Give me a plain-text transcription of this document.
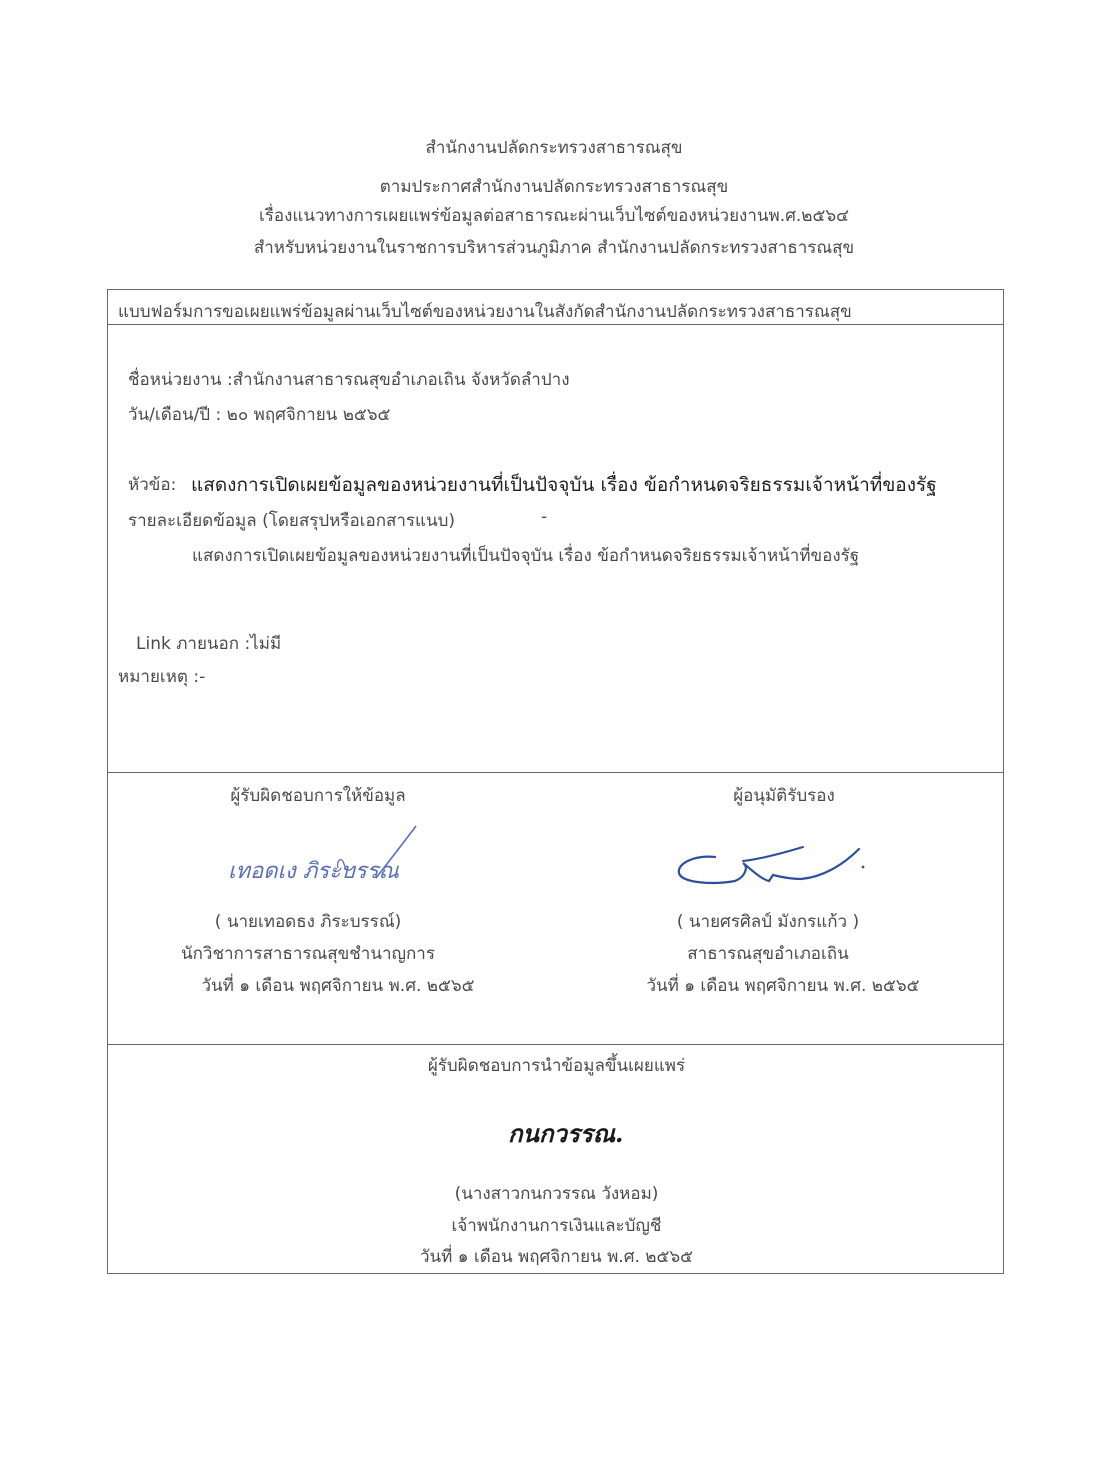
สำนักงานปลัดกระทรวงสาธารณสุข
ตามประกาศสำนักงานปลัดกระทรวงสาธารณสุข
เรื่องแนวทางการเผยแพร่ข้อมูลต่อสาธารณะผ่านเว็บไซต์ของหน่วยงานพ.ศ.๒๕๖๔
สำหรับหน่วยงานในราชการบริหารส่วนภูมิภาค สำนักงานปลัดกระทรวงสาธารณสุข
แบบฟอร์มการขอเผยแพร่ข้อมูลผ่านเว็บไซต์ของหน่วยงานในสังกัดสำนักงานปลัดกระทรวงสาธารณสุข
ชื่อหน่วยงาน :สำนักงานสาธารณสุขอำเภอเถิน จังหวัดลำปาง
วัน/เดือน/ปี : ๒๐ พฤศจิกายน ๒๕๖๕
หัวข้อ: แสดงการเปิดเผยข้อมูลของหน่วยงานที่เป็นปัจจุบัน เรื่อง ข้อกำหนดจริยธรรมเจ้าหน้าที่ของรัฐ
รายละเอียดข้อมูล (โดยสรุปหรือเอกสารแนบ)	-
แสดงการเปิดเผยข้อมูลของหน่วยงานที่เป็นปัจจุบัน เรื่อง ข้อกำหนดจริยธรรมเจ้าหน้าที่ของรัฐ
Link ภายนอก :ไม่มี
หมายเหตุ :-
ผู้รับผิดชอบการให้ข้อมูล
เทอดเง ภิระบรรณ
( นายเทอดธง ภิระบรรณ์)
นักวิชาการสาธารณสุขชำนาญการ
วันที่ ๑ เดือน พฤศจิกายน พ.ศ. ๒๕๖๕
ผู้อนุมัติรับรอง
( นายศรศิลป์ มังกรแก้ว )
สาธารณสุขอำเภอเถิน
วันที่ ๑ เดือน พฤศจิกายน พ.ศ. ๒๕๖๕
ผู้รับผิดชอบการนำข้อมูลขึ้นเผยแพร่
กนกวรรณ.
(นางสาวกนกวรรณ วังหอม)
เจ้าพนักงานการเงินและบัญชี
วันที่ ๑ เดือน พฤศจิกายน พ.ศ. ๒๕๖๕
